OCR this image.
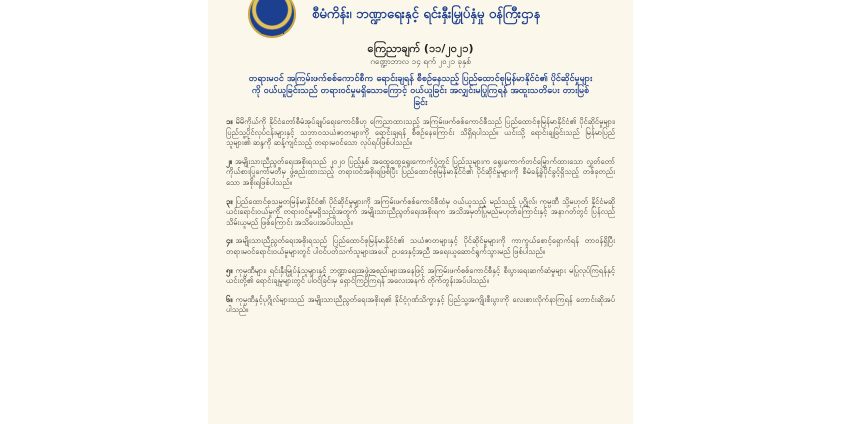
MOPFI
စီမံကိန်း၊ ဘဏ္ဍာရေးနှင့် ရင်းနှီးမြှုပ်နှံမှု ဝန်ကြီးဌာန
ကြေညာချက် (၁၁/၂၀၂၁)
ဂဏ္ဍောဘာလ ၁၄ ရက် ၂၀၂၁ ခုနှစ်
တရားမဝင် အကြမ်းဖက်စစ်ကောင်စီက ရောင်းချရန် စီစဉ်နေသည့် ပြည်ထောင်စုမြန်မာနိုင်ငံ၏ ပိုင်ဆိုင်မှုများကို ဝယ်ယူခြင်းသည် တရားဝင်မှုမရှိသောကြောင့် ဝယ်ယူခြင်း အလျှင်းမပြုကြရန် အထူးသတိပေး တားမြစ်ခြင်း
၁။ မိမိကိုယ်ကို နိုင်ငံတော်စီမံအုပ်ချုပ်ရေးကောင်စီဟု ကြေညာထားသည့် အကြမ်းဖက်စစ်ကောင်စီသည် ပြည်ထောင်စုမြန်မာနိုင်ငံ၏ ပိုင်ဆိုင်မှုများ၊ ပြည်သူ့ပိုင်လုပ်ငန်းများနှင့် သဘာဝသယံဇာတများကို ရောင်းချရန် စီစဉ်နေကြောင်း သိရှိရပါသည်။ ယင်းသို့ ရောင်းချခြင်းသည် မြန်မာပြည်သူများ၏ ဆန္ဒကို ဆန့်ကျင်သည့် တရားမဝင်သော လုပ်ရပ်ဖြစ်ပါသည်။
၂။ အမျိုးသားညီညွတ်ရေးအစိုးရသည် ၂၀၂၀ ပြည့်နှစ် အထွေထွေရွေးကောက်ပွဲတွင် ပြည်သူများက ရွေးကောက်တင်မြှောက်ထားသော လွှတ်တော်ကိုယ်စားပြုကော်မတီမှ ဖွဲ့စည်းထားသည့် တရားဝင်အစိုးရဖြစ်ပြီး ပြည်ထောင်စုမြန်မာနိုင်ငံ၏ ပိုင်ဆိုင်မှုများကို စီမံခန့်ခွဲပိုင်ခွင့်ရှိသည့် တစ်ခုတည်းသော အစိုးရဖြစ်ပါသည်။
၃။ ပြည်ထောင်စုသမ္မတမြန်မာနိုင်ငံ၏ ပိုင်ဆိုင်မှုများကို အကြမ်းဖက်စစ်ကောင်စီထံမှ ဝယ်ယူသည့် မည်သည့် ပုဂ္ဂိုလ်၊ ကုမ္ပဏီ သို့မဟုတ် နိုင်ငံမဆို ယင်းရောင်းဝယ်မှုကို တရားဝင်မှုမရှိသည့်အတွက် အမျိုးသားညီညွတ်ရေးအစိုးရက အသိအမှတ်ပြုမည်မဟုတ်ကြောင်းနှင့် အနာဂတ်တွင် ပြန်လည်သိမ်းယူမည် ဖြစ်ကြောင်း အသိပေးအပ်ပါသည်။
၄။ အမျိုးသားညီညွတ်ရေးအစိုးရသည် ပြည်ထောင်စုမြန်မာနိုင်ငံ၏ သယံဇာတများနှင့် ပိုင်ဆိုင်မှုများကို ကာကွယ်စောင့်ရှောက်ရန် တာဝန်ရှိပြီး တရားမဝင်ရောင်းဝယ်မှုများတွင် ပါဝင်ပတ်သက်သူများအပေါ် ဥပဒေနှင့်အညီ အရေးယူဆောင်ရွက်သွားမည် ဖြစ်ပါသည်။
၅။ ကုမ္ပဏီများ၊ ရင်းနှီးမြှုပ်နှံသူများနှင့် ဘဏ္ဍာရေးအဖွဲ့အစည်းများအနေဖြင့် အကြမ်းဖက်စစ်ကောင်စီနှင့် စီးပွားရေးဆက်ဆံမှုများ မပြုလုပ်ကြရန်နှင့် ယင်းတို့၏ ရောင်းချမှုများတွင် ပါဝင်ခြင်းမှ ရှောင်ကြဉ်ကြရန် အလေးအနက် တိုက်တွန်းအပ်ပါသည်။
၆။ ကုမ္ပဏီနှင့်ပုဂ္ဂိုလ်များသည် အမျိုးသားညီညွတ်ရေးအစိုးရ၏ နိုင်ငံ့ဂုဏ်သိက္ခာနှင့် ပြည်သူ့အကျိုးစီးပွားကို လေးစားလိုက်နာကြရန် တောင်းဆိုအပ်ပါသည်။
